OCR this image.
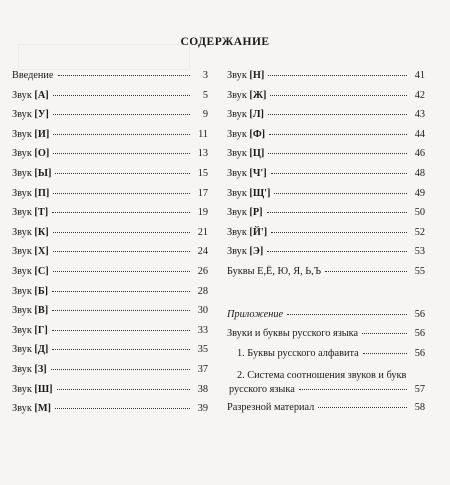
СОДЕРЖАНИЕ
Введение	3
Звук [А]	5
Звук [У]	9
Звук [И]	11
Звук [О]	13
Звук [Ы]	15
Звук [П]	17
Звук [Т]	19
Звук [К]	21
Звук [Х]	24
Звук [С]	26
Звук [Б]	28
Звук [В]	30
Звук [Г]	33
Звук [Д]	35
Звук [З]	37
Звук [Ш]	38
Звук [М]	39
Звук [Н]	41
Звук [Ж]	42
Звук [Л]	43
Звук [Ф]	44
Звук [Ц]	46
Звук [Ч']	48
Звук [Щ']	49
Звук [Р]	50
Звук [Й']	52
Звук [Э]	53
Буквы Е,Ё, Ю, Я, Ь,Ъ	55
Приложение	56
Звуки и буквы русского языка	56
1. Буквы русского алфавита	56
2. Система соотношения звуков и букв
русского языка	57
Разрезной материал	58
